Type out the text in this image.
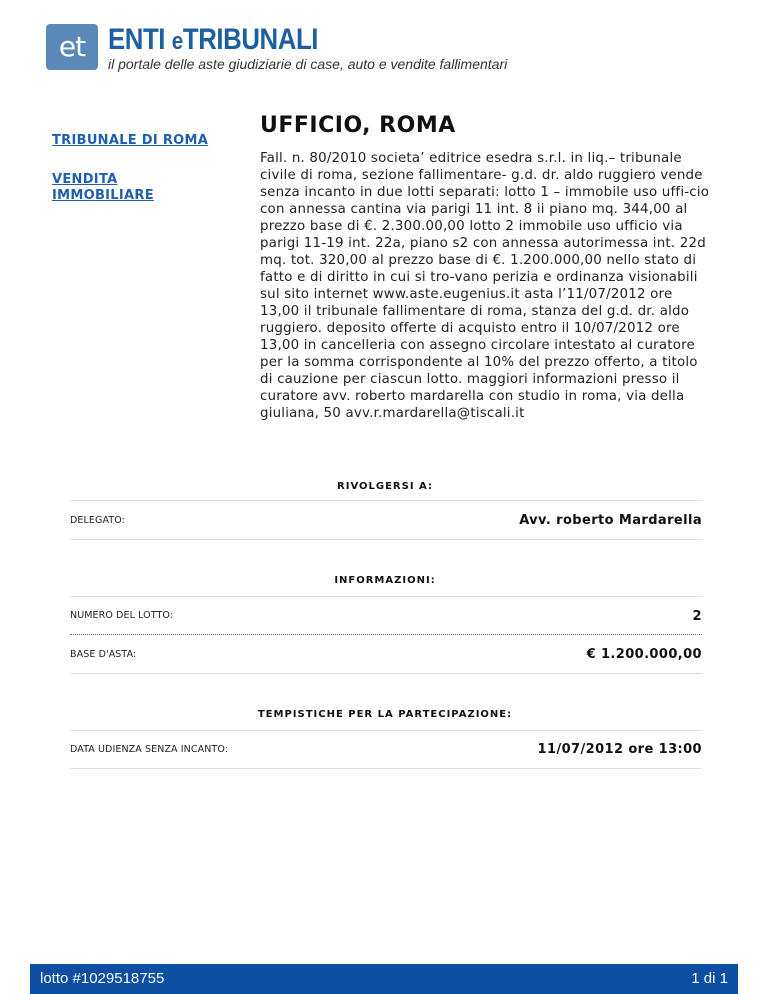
et ENTI eTRIBUNALI
il portale delle aste giudiziarie di case, auto e vendite fallimentari
TRIBUNALE DI ROMA
VENDITA IMMOBILIARE
UFFICIO, ROMA
Fall. n. 80/2010 societa’ editrice esedra s.r.l. in liq.– tribunale civile di roma, sezione fallimentare- g.d. dr. aldo ruggiero vende senza incanto in due lotti separati: lotto 1 – immobile uso uffi-cio con annessa cantina via parigi 11 int. 8 ii piano mq. 344,00 al prezzo base di €. 2.300.00,00 lotto 2 immobile uso ufficio via parigi 11-19 int. 22a, piano s2 con annessa autorimessa int. 22d mq. tot. 320,00 al prezzo base di €. 1.200.000,00 nello stato di fatto e di diritto in cui si tro-vano perizia e ordinanza visionabili sul sito internet www.aste.eugenius.it asta l’11/07/2012 ore 13,00 il tribunale fallimentare di roma, stanza del g.d. dr. aldo ruggiero. deposito offerte di acquisto entro il 10/07/2012 ore 13,00 in cancelleria con assegno circolare intestato al curatore per la somma corrispondente al 10% del prezzo offerto, a titolo di cauzione per ciascun lotto. maggiori informazioni presso il curatore avv. roberto mardarella con studio in roma, via della giuliana, 50 avv.r.mardarella@tiscali.it
RIVOLGERSI A:
DELEGATO:	Avv. roberto Mardarella
INFORMAZIONI:
NUMERO DEL LOTTO:	2
BASE D'ASTA:	€ 1.200.000,00
TEMPISTICHE PER LA PARTECIPAZIONE:
DATA UDIENZA SENZA INCANTO:	11/07/2012 ore 13:00
lotto #1029518755	1 di 1
